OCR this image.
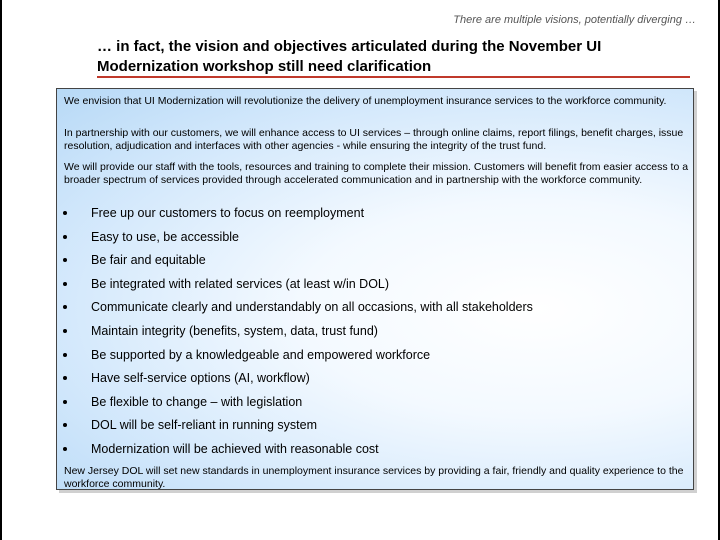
There are multiple visions, potentially diverging …
… in fact, the vision and objectives articulated during the November UI Modernization workshop still need clarification
We envision that UI Modernization will revolutionize the delivery of unemployment insurance services to the workforce community.
In partnership with our customers, we will enhance access to UI services – through online claims, report filings, benefit charges, issue resolution, adjudication and interfaces with other agencies - while ensuring the integrity of the trust fund.
We will provide our staff with the tools, resources and training to complete their mission. Customers will benefit from easier access to a broader spectrum of services provided through accelerated communication and in partnership with the workforce community.
Free up our customers to focus on reemployment
Easy to use, be accessible
Be fair and equitable
Be integrated with related services (at least w/in DOL)
Communicate clearly and understandably on all occasions, with all stakeholders
Maintain integrity (benefits, system, data, trust fund)
Be supported by a knowledgeable and empowered workforce
Have self-service options (AI, workflow)
Be flexible to change – with legislation
DOL will be self-reliant in running system
Modernization will be achieved with reasonable cost
New Jersey DOL will set new standards in unemployment insurance services by providing a fair, friendly and quality experience to the workforce community.
